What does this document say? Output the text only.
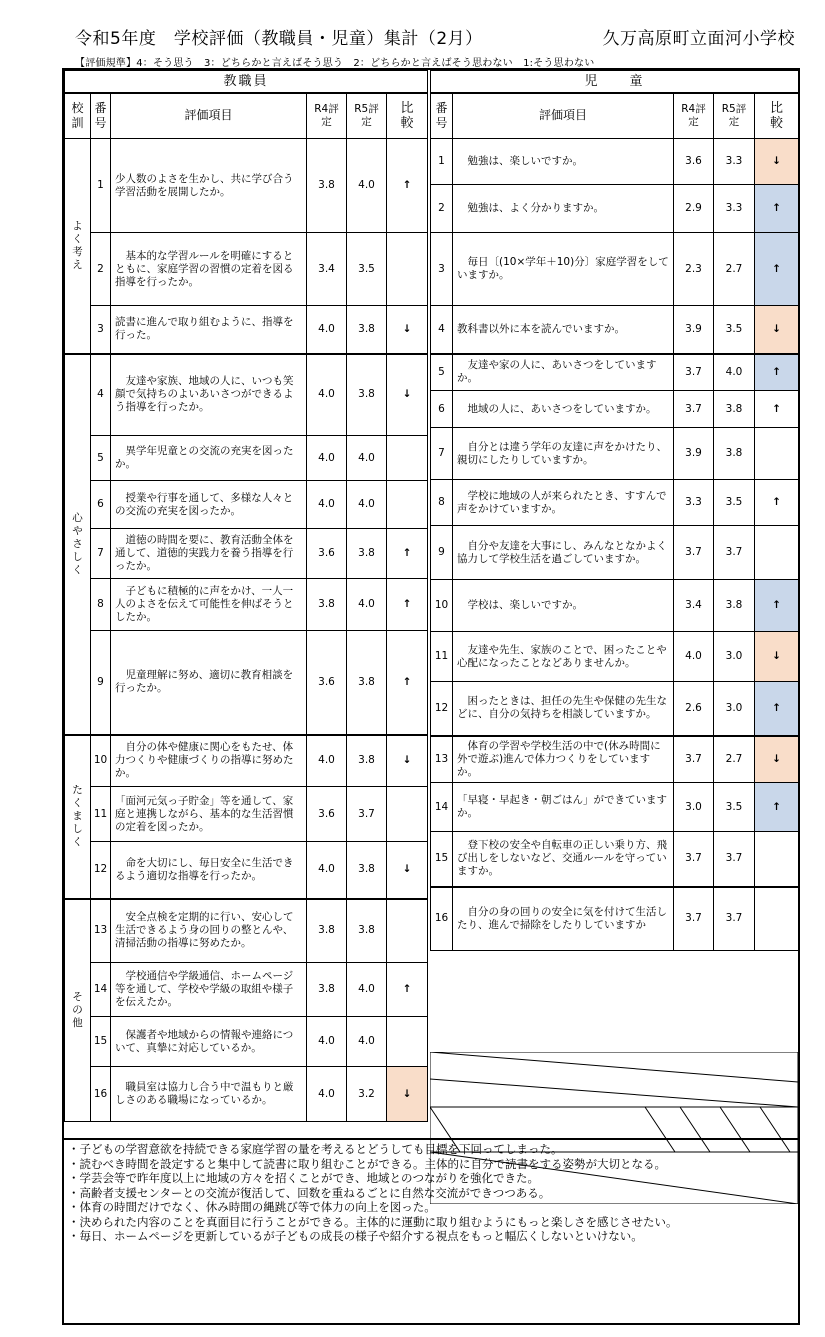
令和5年度　学校評価（教職員・児童）集計（2月）	久万高原町立面河小学校
【評価規準】4：そう思う　3：どちらかと言えばそう思う　2：どちらかと言えばそう思わない　1:そう思わない
教職員					

校訓	番号	評価項目	R4評定	R5評定	比較

よく考え	1	少人数のよさを生かし、共に学び合う学習活動を展開したか。	3.8	4.0	↑
	2	基本的な学習ルールを明確にするとともに、家庭学習の習慣の定着を図る指導を行ったか。	3.4	3.5	
	3	読書に進んで取り組むように、指導を行った。	4.0	3.8	↓

心やさしく	4	友達や家族、地域の人に、いつも笑顔で気持ちのよいあいさつができるよう指導を行ったか。	4.0	3.8	↓
	5	異学年児童との交流の充実を図ったか。	4.0	4.0	
	6	授業や行事を通して、多様な人々との交流の充実を図ったか。	4.0	4.0	
	7	道徳の時間を要に、教育活動全体を通して、道徳的実践力を養う指導を行ったか。	3.6	3.8	↑
	8	子どもに積極的に声をかけ、一人一人のよさを伝えて可能性を伸ばそうとしたか。	3.8	4.0	↑
	9	児童理解に努め、適切に教育相談を行ったか。	3.6	3.8	↑

たくましく	10	自分の体や健康に関心をもたせ、体力つくりや健康づくりの指導に努めたか。	4.0	3.8	↓
	11	「面河元気っ子貯金」等を通して、家庭と連携しながら、基本的な生活習慣の定着を図ったか。	3.6	3.7	
	12	命を大切にし、毎日安全に生活できるよう適切な指導を行ったか。	4.0	3.8	↓

その他	13	安全点検を定期的に行い、安心して生活できるよう身の回りの整とんや、清掃活動の指導に努めたか。	3.8	3.8	
	14	学校通信や学級通信、ホームページ等を通して、学校や学級の取組や様子を伝えたか。	3.8	4.0	↑
	15	保護者や地域からの情報や連絡について、真摯に対応しているか。	4.0	4.0	
	16	職員室は協力し合う中で温もりと厳しさのある職場になっているか。	4.0	3.2	↓
児　　童				

番号	評価項目	R4評定	R5評定	比較

1	勉強は、楽しいですか。	3.6	3.3	↓
2	勉強は、よく分かりますか。	2.9	3.3	↑
3	毎日〔(10×学年＋10)分〕家庭学習をしていますか。	2.3	2.7	↑
4	教科書以外に本を読んでいますか。	3.9	3.5	↓
5	友達や家の人に、あいさつをしていますか。	3.7	4.0	↑
6	地域の人に、あいさつをしていますか。	3.7	3.8	↑
7	自分とは違う学年の友達に声をかけたり、親切にしたりしていますか。	3.9	3.8	
8	学校に地域の人が来られたとき、すすんで声をかけていますか。	3.3	3.5	↑
9	自分や友達を大事にし、みんなとなかよく協力して学校生活を過ごしていますか。	3.7	3.7	
10	学校は、楽しいですか。	3.4	3.8	↑
11	友達や先生、家族のことで、困ったことや心配になったことなどありませんか。	4.0	3.0	↓
12	困ったときは、担任の先生や保健の先生などに、自分の気持ちを相談していますか。	2.6	3.0	↑
13	体育の学習や学校生活の中で(休み時間に外で遊ぶ)進んで体力つくりをしていますか。	3.7	2.7	↓
14	「早寝・早起き・朝ごはん」ができていますか。	3.0	3.5	↑
15	登下校の安全や自転車の正しい乗り方、飛び出しをしないなど、交通ルールを守っていますか。	3.7	3.7	
16	自分の身の回りの安全に気を付けて生活したり、進んで掃除をしたりしていますか	3.7	3.7	

・子どもの学習意欲を持続できる家庭学習の量を考えるとどうしても目標を下回ってしまった。

・読むべき時間を設定すると集中して読書に取り組むことができる。主体的に自分で読書をする姿勢が大切となる。

・学芸会等で昨年度以上に地域の方々を招くことができ、地域とのつながりを強化できた。

・高齢者支援センターとの交流が復活して、回数を重ねるごとに自然な交流ができつつある。

・体育の時間だけでなく、休み時間の縄跳び等で体力の向上を図った。

・決められた内容のことを真面目に行うことができる。主体的に運動に取り組むようにもっと楽しさを感じさせたい。

・毎日、ホームページを更新しているが子どもの成長の様子や紹介する視点をもっと幅広くしないといけない。
